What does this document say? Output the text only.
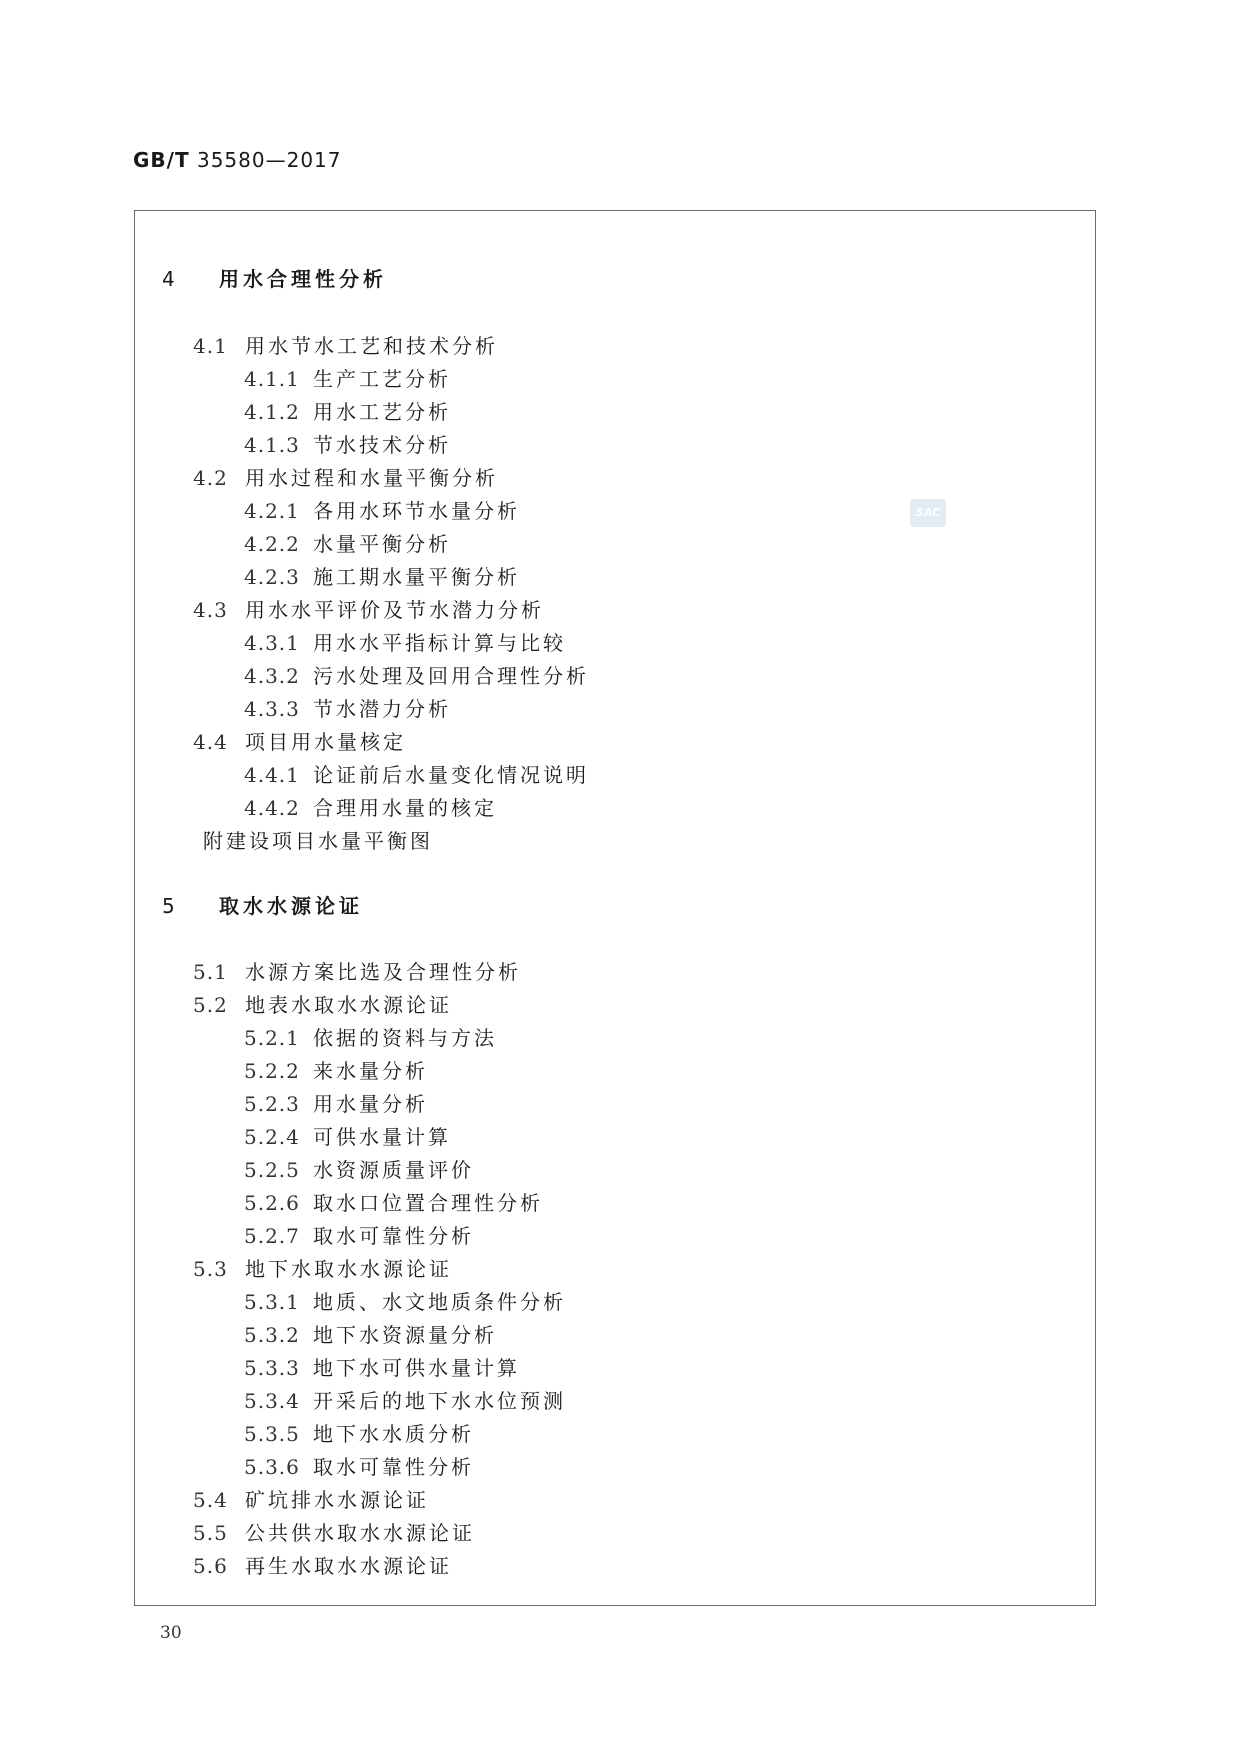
GB/T 35580—2017
SAC
4 用水合理性分析
4.1 用水节水工艺和技术分析
4.1.1 生产工艺分析
4.1.2 用水工艺分析
4.1.3 节水技术分析
4.2 用水过程和水量平衡分析
4.2.1 各用水环节水量分析
4.2.2 水量平衡分析
4.2.3 施工期水量平衡分析
4.3 用水水平评价及节水潜力分析
4.3.1 用水水平指标计算与比较
4.3.2 污水处理及回用合理性分析
4.3.3 节水潜力分析
4.4 项目用水量核定
4.4.1 论证前后水量变化情况说明
4.4.2 合理用水量的核定
附建设项目水量平衡图
5 取水水源论证
5.1 水源方案比选及合理性分析
5.2 地表水取水水源论证
5.2.1 依据的资料与方法
5.2.2 来水量分析
5.2.3 用水量分析
5.2.4 可供水量计算
5.2.5 水资源质量评价
5.2.6 取水口位置合理性分析
5.2.7 取水可靠性分析
5.3 地下水取水水源论证
5.3.1 地质、水文地质条件分析
5.3.2 地下水资源量分析
5.3.3 地下水可供水量计算
5.3.4 开采后的地下水水位预测
5.3.5 地下水水质分析
5.3.6 取水可靠性分析
5.4 矿坑排水水源论证
5.5 公共供水取水水源论证
5.6 再生水取水水源论证
30
